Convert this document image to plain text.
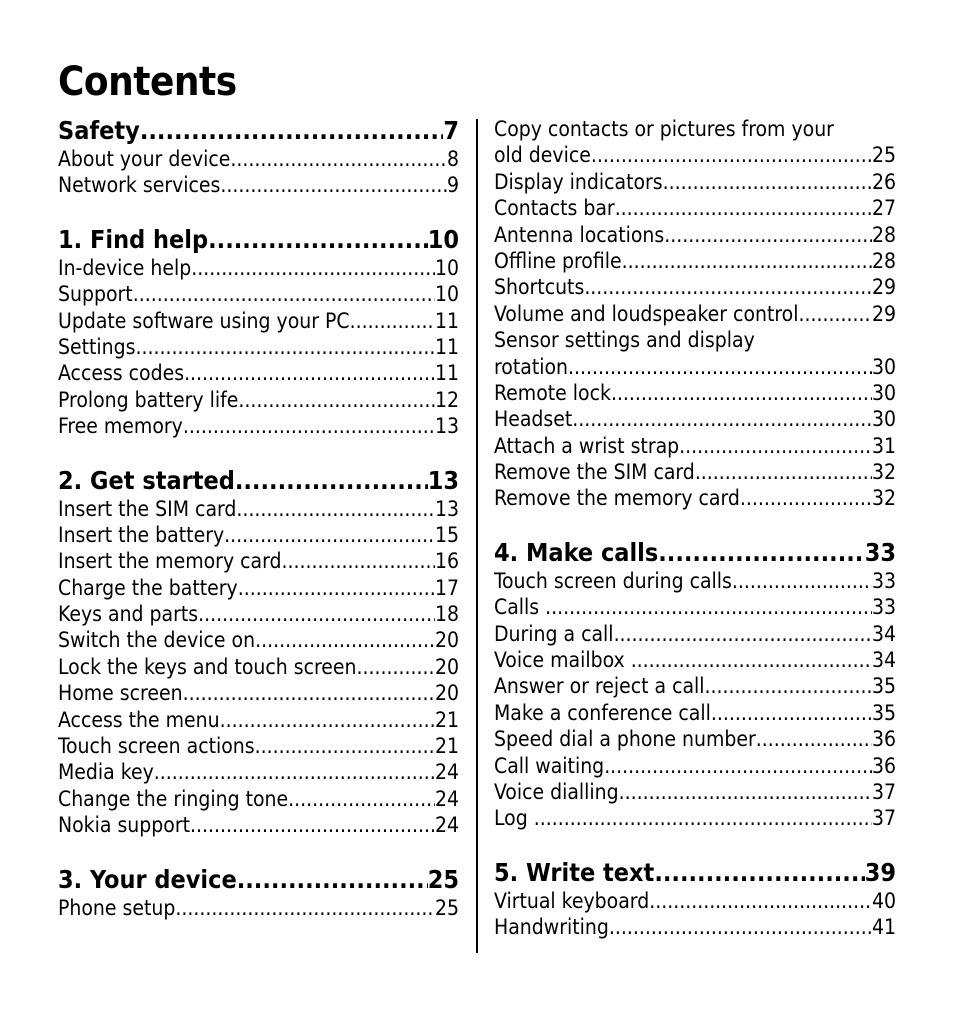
Contents
Safety .....	7
About your device .....	8
Network services .....	9
1. Find help .....	10
In-device help .....	10
Support .....	10
Update software using your PC .....	11
Settings .....	11
Access codes .....	11
Prolong battery life .....	12
Free memory .....	13
2. Get started .....	13
Insert the SIM card .....	13
Insert the battery .....	15
Insert the memory card .....	16
Charge the battery .....	17
Keys and parts .....	18
Switch the device on .....	20
Lock the keys and touch screen .....	20
Home screen .....	20
Access the menu .....	21
Touch screen actions .....	21
Media key .....	24
Change the ringing tone .....	24
Nokia support .....	24
3. Your device .....	25
Phone setup .....	25
Copy contacts or pictures from your
old device .....	25
Display indicators .....	26
Contacts bar .....	27
Antenna locations .....	28
Offline profile .....	28
Shortcuts .....	29
Volume and loudspeaker control .....	29
Sensor settings and display
rotation .....	30
Remote lock .....	30
Headset .....	30
Attach a wrist strap .....	31
Remove the SIM card .....	32
Remove the memory card .....	32
4. Make calls .....	33
Touch screen during calls .....	33
Calls .....	33
During a call .....	34
Voice mailbox .....	34
Answer or reject a call .....	35
Make a conference call .....	35
Speed dial a phone number .....	36
Call waiting .....	36
Voice dialling .....	37
Log .....	37
5. Write text .....	39
Virtual keyboard .....	40
Handwriting .....	41
